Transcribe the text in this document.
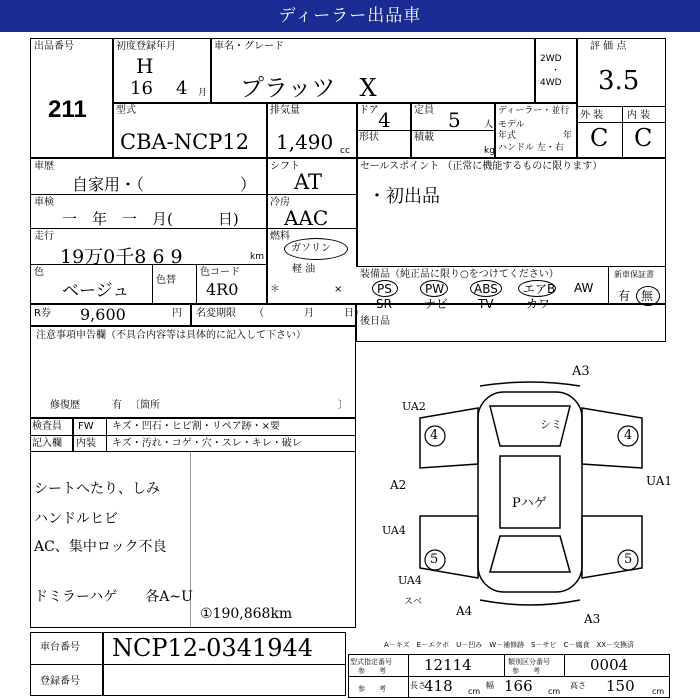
ディーラー出品車
出品番号
211
初度登録年月
H
16 4 月
車名・グレード
プラッツ　X
2WD
・
4WD
評 価 点
3.5
型式
CBA-NCP12
排気量
1,490 cc
ドア 4
形状
定員 5	人
積載
kg
ディーラー・並行
モデル
年式	年
ハンドル 左・右
外 装 内 装
C C
車歴
自家用・（　　　　　　）
シフト
AT
セールスポイント （正常に機能するものに限ります）
・初出品
車検
一　年　一　月(　　　日)
冷房
AAC
走行
19万0千8 6 9	km
燃料
ガソリン
軽 油
＊	×
色
ベージュ
色替
色コード
4R0
装備品（純正品に限り○をつけてください）	新車保証書
有 無
PS	PW	ABS	エアB AW
SR	ナビ TV	カワ
R券 9,600	円 名変期限 （　　　　月　　　日）
後日品
注意事項申告欄（不具合内容等は具体的に記入して下さい）
修復歴	有 〔箇所	〕
検査員
記入欄
FW キズ・凹石・ヒビ割・リペア跡・×要
内装 キズ・汚れ・コゲ・穴・スレ・キレ・破レ
シートへたり、しみ
ハンドルヒビ
AC、集中ロック不良
ドミラーハゲ　　各A~U
①190,868km
A3
UA2
シミ
4	4
UA1
A2
Pハゲ
UA4
5	5
UA4
スベ
A4
A3
A－キズ　E－エクボ　U－凹み　W－補修跡　S－サビ　C－腐食　XX－交換済
車台番号 NCP12-0341944
登録番号
型式指定番号
参　　考	12114	類別区分番号
参　　考	0004
参　　考	長さ
418 cm
幅 166 cm
高さ 150 cm
